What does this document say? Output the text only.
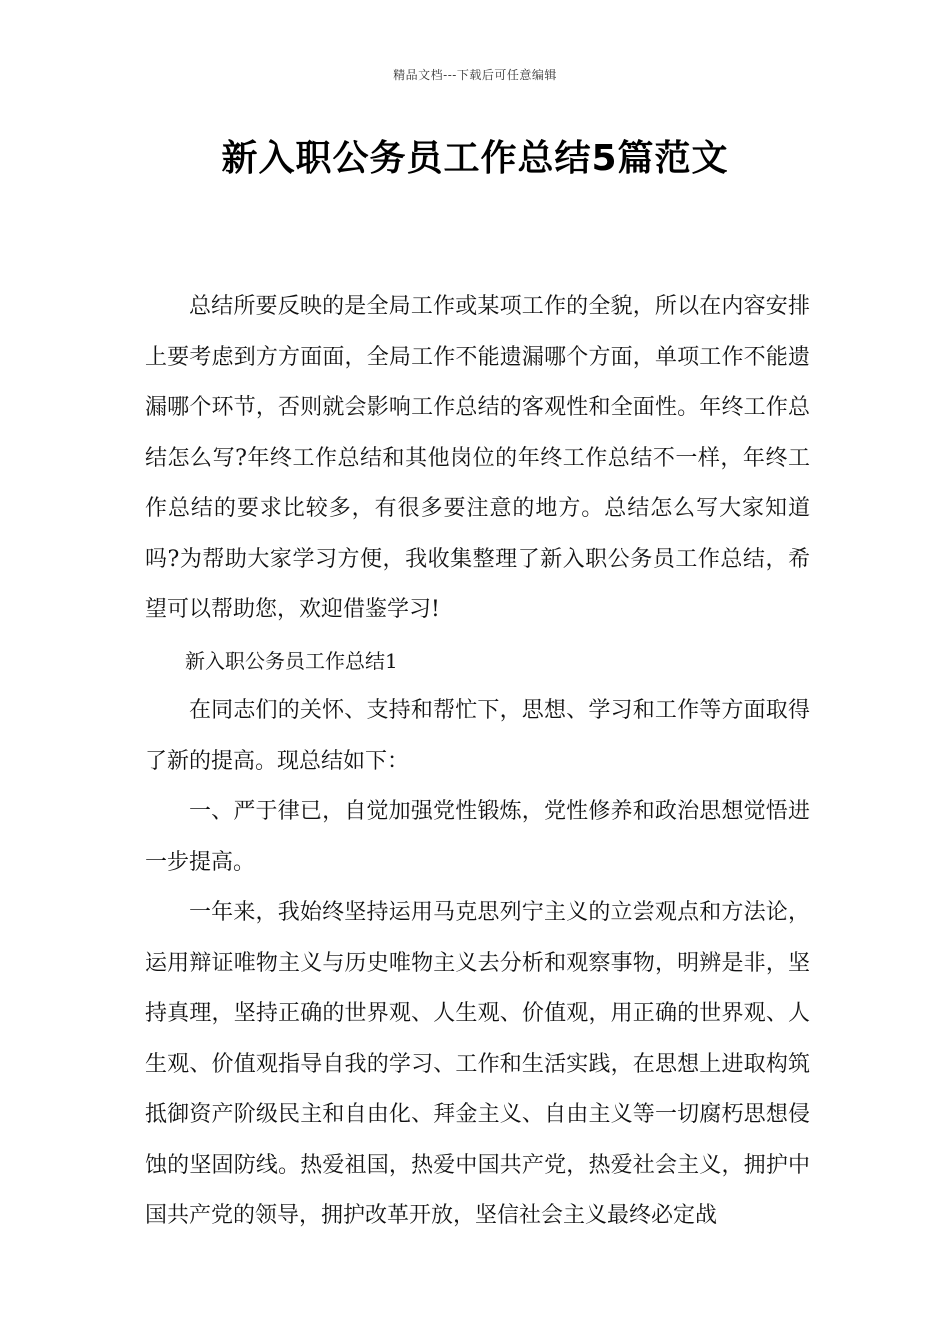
精品文档---下载后可任意编辑
新入职公务员工作总结5篇范文

总结所要反映的是全局工作或某项工作的全貌，所以在内容安排上要考虑到方方面面，全局工作不能遗漏哪个方面，单项工作不能遗漏哪个环节，否则就会影响工作总结的客观性和全面性。年终工作总结怎么写?年终工作总结和其他岗位的年终工作总结不一样，年终工作总结的要求比较多，有很多要注意的地方。总结怎么写大家知道吗?为帮助大家学习方便，我收集整理了新入职公务员工作总结，希望可以帮助您，欢迎借鉴学习!

新入职公务员工作总结1

在同志们的关怀、支持和帮忙下，思想、学习和工作等方面取得了新的提高。现总结如下：

一、严于律已，自觉加强党性锻炼，党性修养和政治思想觉悟进一步提高。

一年来，我始终坚持运用马克思列宁主义的立尝观点和方法论，运用辩证唯物主义与历史唯物主义去分析和观察事物，明辨是非，坚持真理，坚持正确的世界观、人生观、价值观，用正确的世界观、人生观、价值观指导自我的学习、工作和生活实践，在思想上进取构筑抵御资产阶级民主和自由化、拜金主义、自由主义等一切腐朽思想侵蚀的坚固防线。热爱祖国，热爱中国共产党，热爱社会主义，拥护中国共产党的领导，拥护改革开放，坚信社会主义最终必定战
